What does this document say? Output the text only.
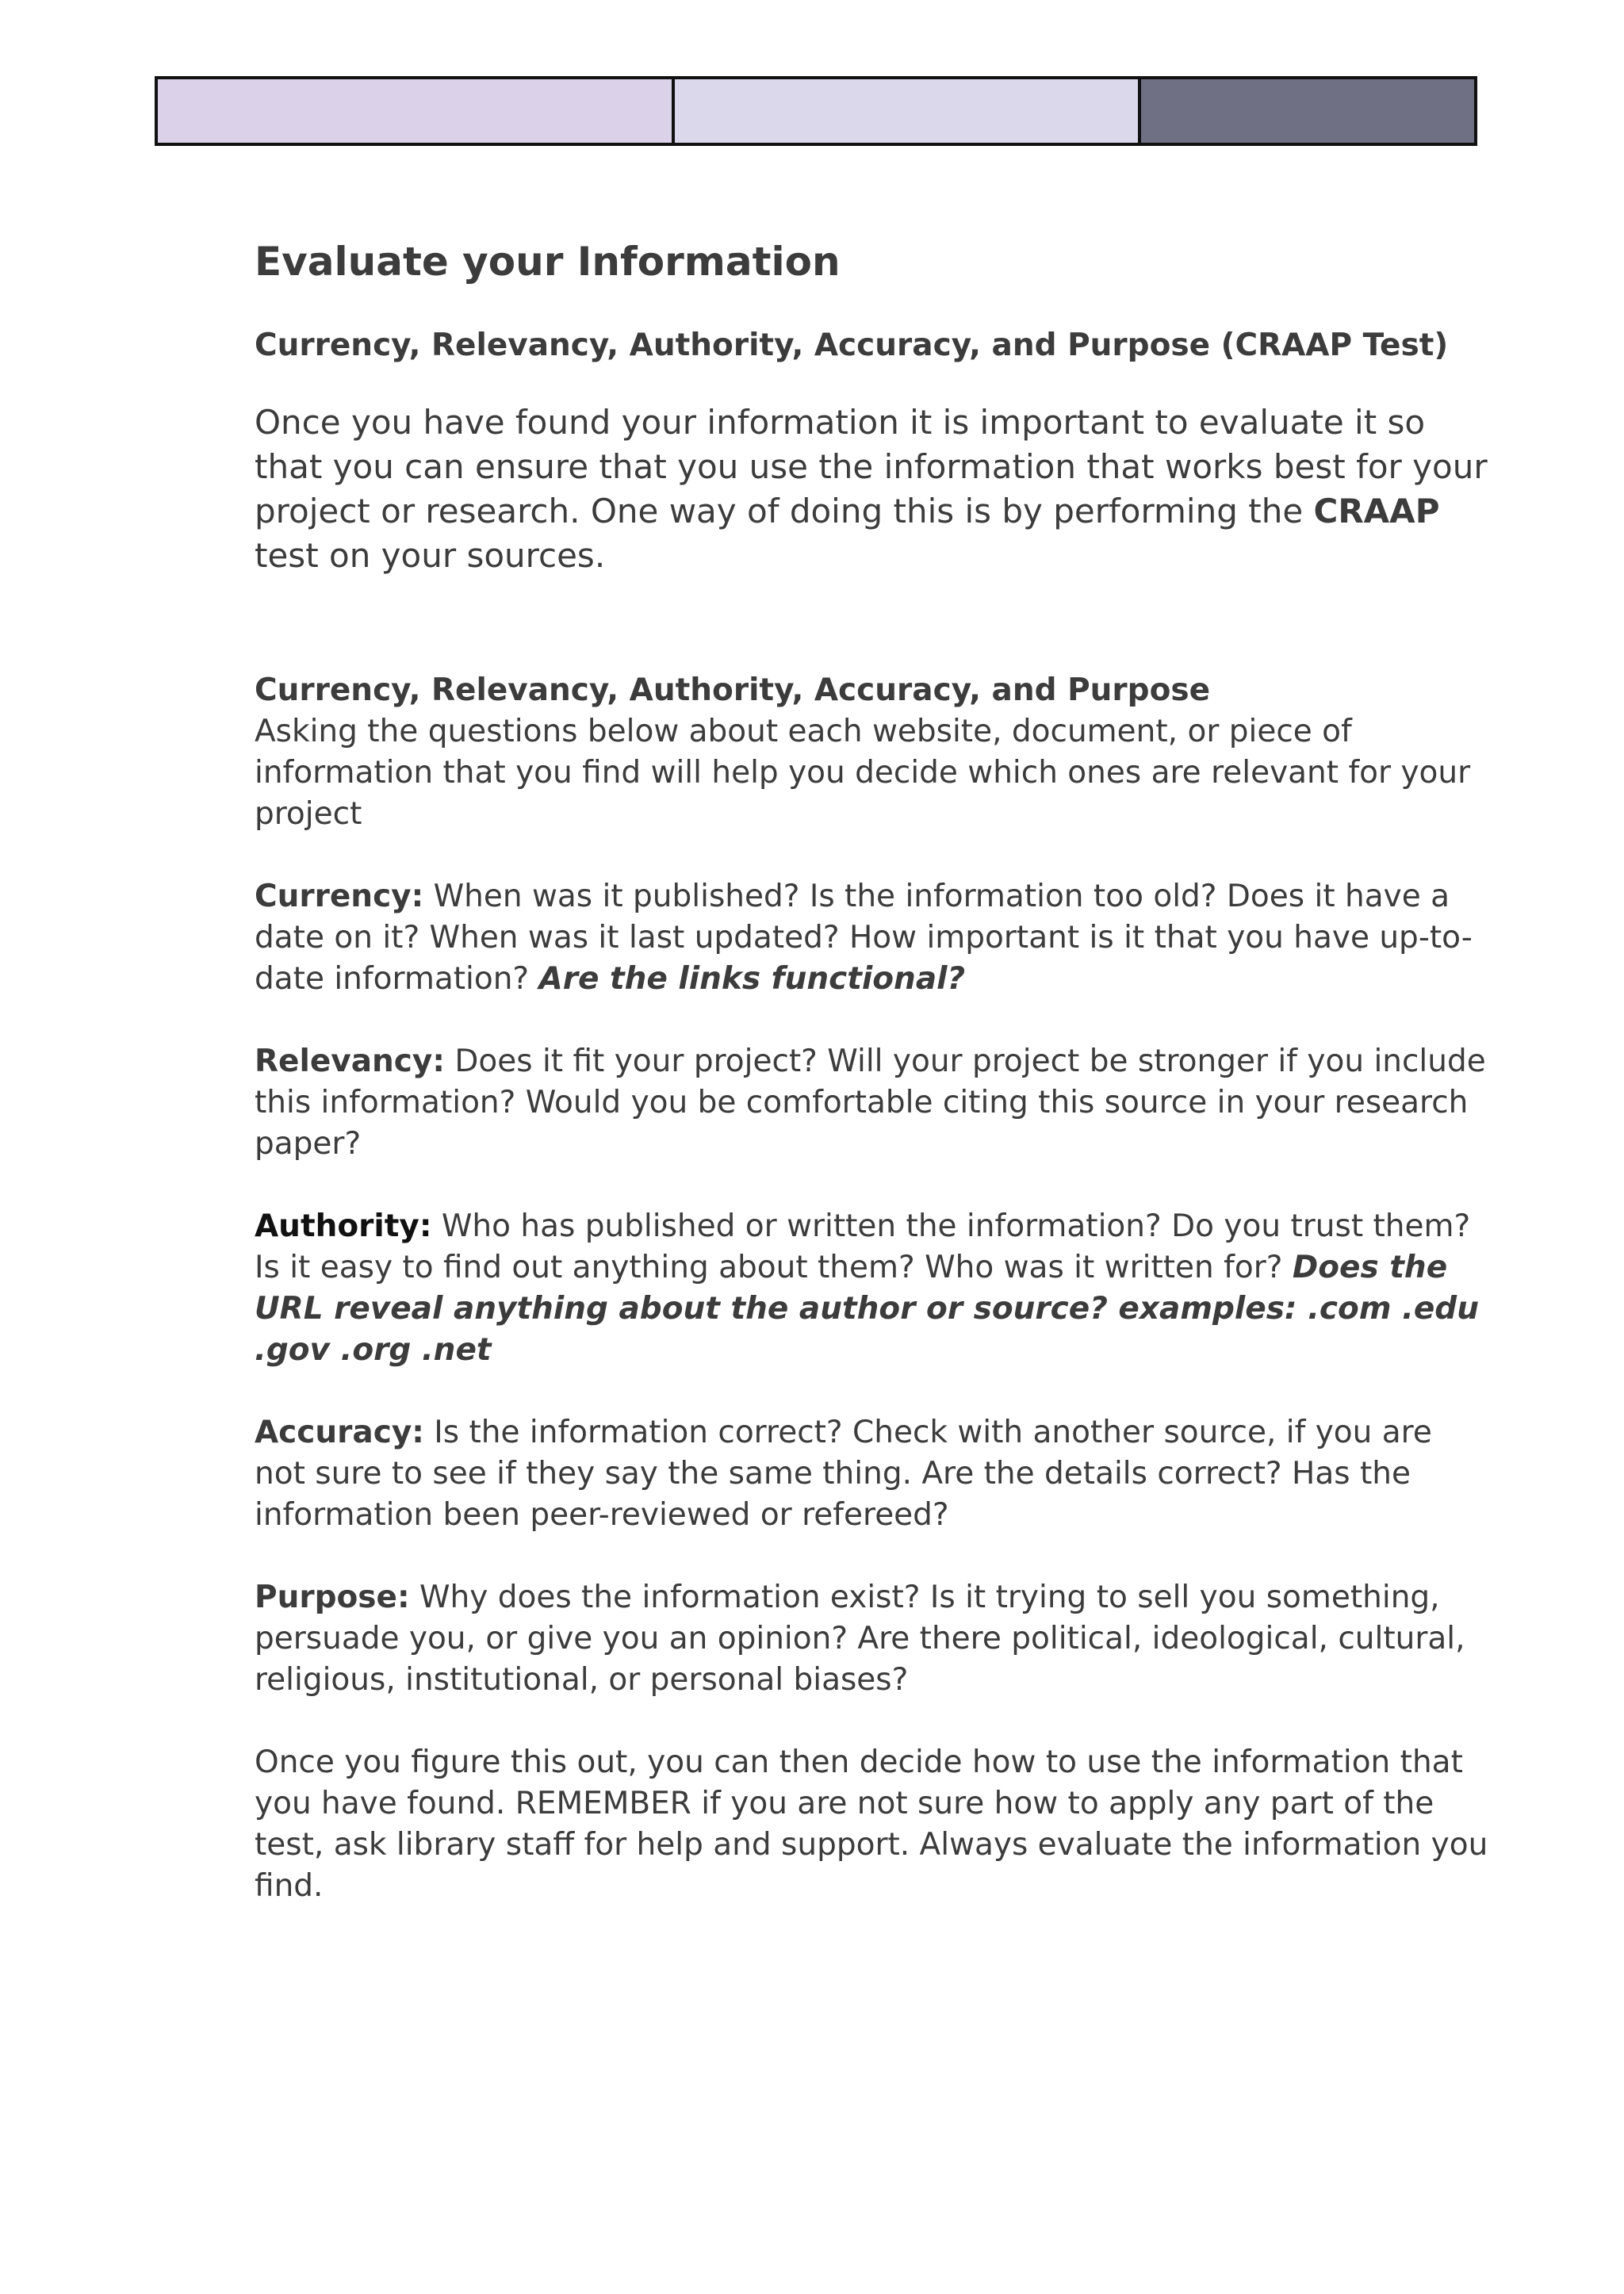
Evaluate your Information
Currency, Relevancy, Authority, Accuracy, and Purpose (CRAAP Test)

Once you have found your information it is important to evaluate it so that you can ensure that you use the information that works best for your project or research. One way of doing this is by performing the CRAAP test on your sources.

Currency, Relevancy, Authority, Accuracy, and Purpose

Asking the questions below about each website, document, or piece of information that you find will help you decide which ones are relevant for your project

Currency: When was it published? Is the information too old? Does it have a date on it? When was it last updated? How important is it that you have up-to-date information? Are the links functional?

Relevancy: Does it fit your project? Will your project be stronger if you include this information? Would you be comfortable citing this source in your research paper?

Authority: Who has published or written the information? Do you trust them? Is it easy to find out anything about them? Who was it written for? Does the URL reveal anything about the author or source? examples: .com .edu .gov .org .net

Accuracy: Is the information correct? Check with another source, if you are not sure to see if they say the same thing. Are the details correct? Has the information been peer-reviewed or refereed?

Purpose: Why does the information exist? Is it trying to sell you something, persuade you, or give you an opinion? Are there political, ideological, cultural, religious, institutional, or personal biases?

Once you figure this out, you can then decide how to use the information that you have found. REMEMBER if you are not sure how to apply any part of the test, ask library staff for help and support. Always evaluate the information you find.
